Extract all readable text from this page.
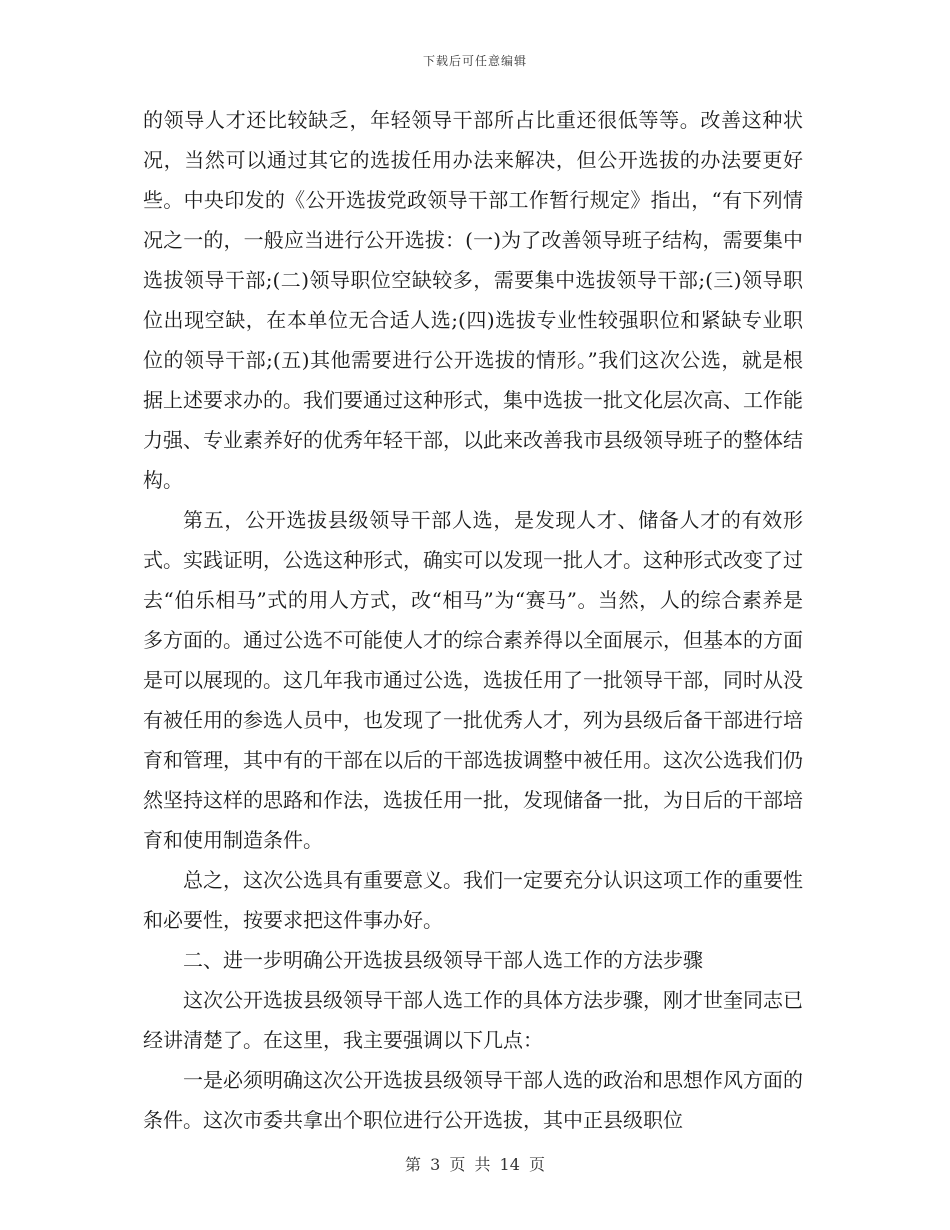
下载后可任意编辑

的领导人才还比较缺乏，年轻领导干部所占比重还很低等等。改善这种状况，当然可以通过其它的选拔任用办法来解决，但公开选拔的办法要更好些。中央印发的《公开选拔党政领导干部工作暂行规定》指出，“有下列情况之一的，一般应当进行公开选拔：(一)为了改善领导班子结构，需要集中选拔领导干部;(二)领导职位空缺较多，需要集中选拔领导干部;(三)领导职位出现空缺，在本单位无合适人选;(四)选拔专业性较强职位和紧缺专业职位的领导干部;(五)其他需要进行公开选拔的情形。”我们这次公选，就是根据上述要求办的。我们要通过这种形式，集中选拔一批文化层次高、工作能力强、专业素养好的优秀年轻干部，以此来改善我市县级领导班子的整体结构。

第五，公开选拔县级领导干部人选，是发现人才、储备人才的有效形式。实践证明，公选这种形式，确实可以发现一批人才。这种形式改变了过去“伯乐相马”式的用人方式，改“相马”为“赛马”。当然，人的综合素养是多方面的。通过公选不可能使人才的综合素养得以全面展示，但基本的方面是可以展现的。这几年我市通过公选，选拔任用了一批领导干部，同时从没有被任用的参选人员中，也发现了一批优秀人才，列为县级后备干部进行培育和管理，其中有的干部在以后的干部选拔调整中被任用。这次公选我们仍然坚持这样的思路和作法，选拔任用一批，发现储备一批，为日后的干部培育和使用制造条件。

总之，这次公选具有重要意义。我们一定要充分认识这项工作的重要性和必要性，按要求把这件事办好。

二、进一步明确公开选拔县级领导干部人选工作的方法步骤

这次公开选拔县级领导干部人选工作的具体方法步骤，刚才世奎同志已经讲清楚了。在这里，我主要强调以下几点：

一是必须明确这次公开选拔县级领导干部人选的政治和思想作风方面的条件。这次市委共拿出个职位进行公开选拔，其中正县级职位

第 3 页 共 14 页
